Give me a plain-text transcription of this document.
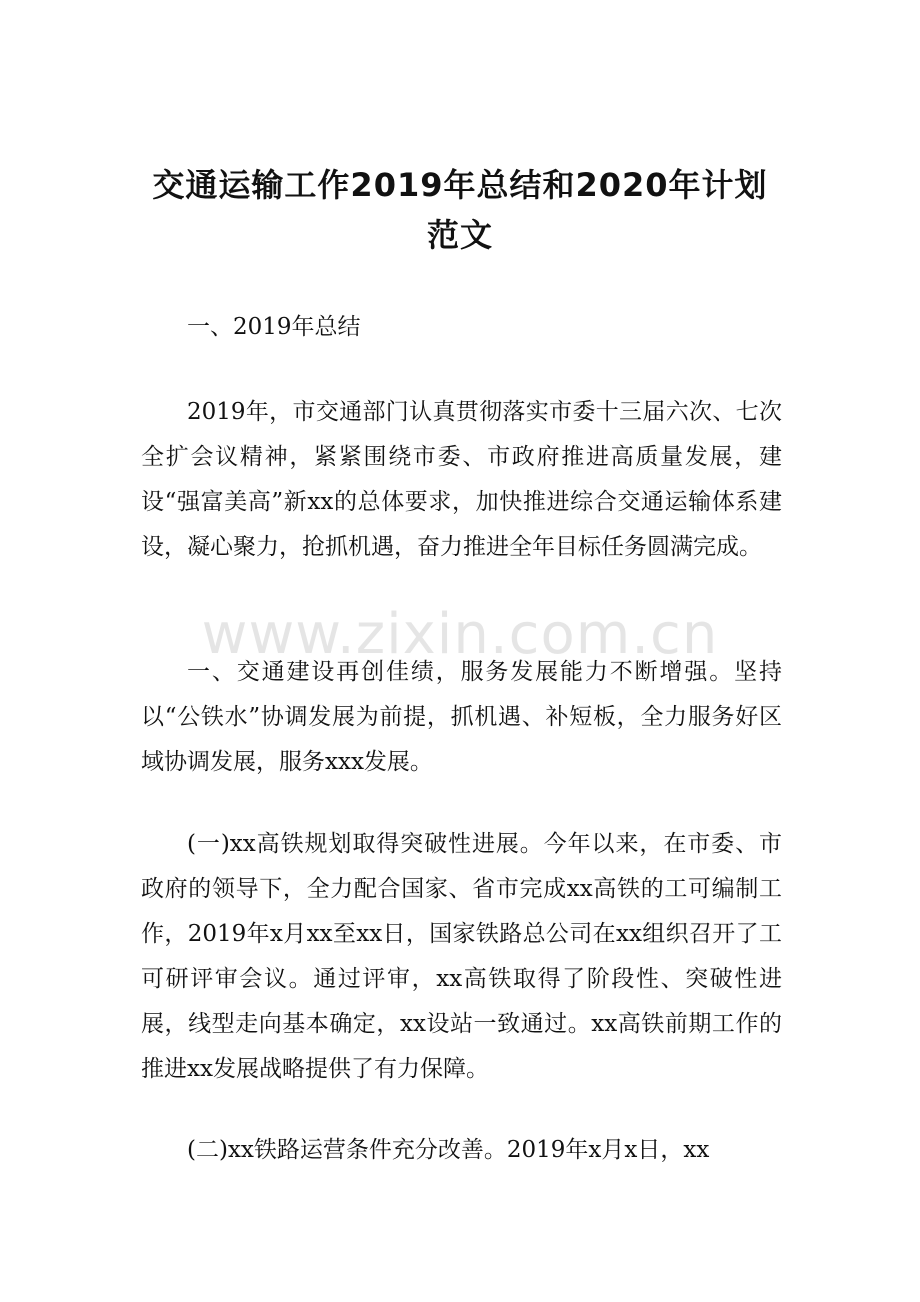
交通运输工作2019年总结和2020年计划
范文

一、2019年总结

2019年，市交通部门认真贯彻落实市委十三届六次、七次全扩会议精神，紧紧围绕市委、市政府推进高质量发展，建设“强富美高”新xx的总体要求，加快推进综合交通运输体系建设，凝心聚力，抢抓机遇，奋力推进全年目标任务圆满完成。

www.zixin.com.cn

一、交通建设再创佳绩，服务发展能力不断增强。坚持以“公铁水”协调发展为前提，抓机遇、补短板，全力服务好区域协调发展，服务xxx发展。

(一)xx高铁规划取得突破性进展。今年以来，在市委、市政府的领导下，全力配合国家、省市完成xx高铁的工可编制工作，2019年x月xx至xx日，国家铁路总公司在xx组织召开了工可研评审会议。通过评审，xx高铁取得了阶段性、突破性进展，线型走向基本确定，xx设站一致通过。xx高铁前期工作的推进xx发展战略提供了有力保障。

(二)xx铁路运营条件充分改善。2019年x月x日，xx
